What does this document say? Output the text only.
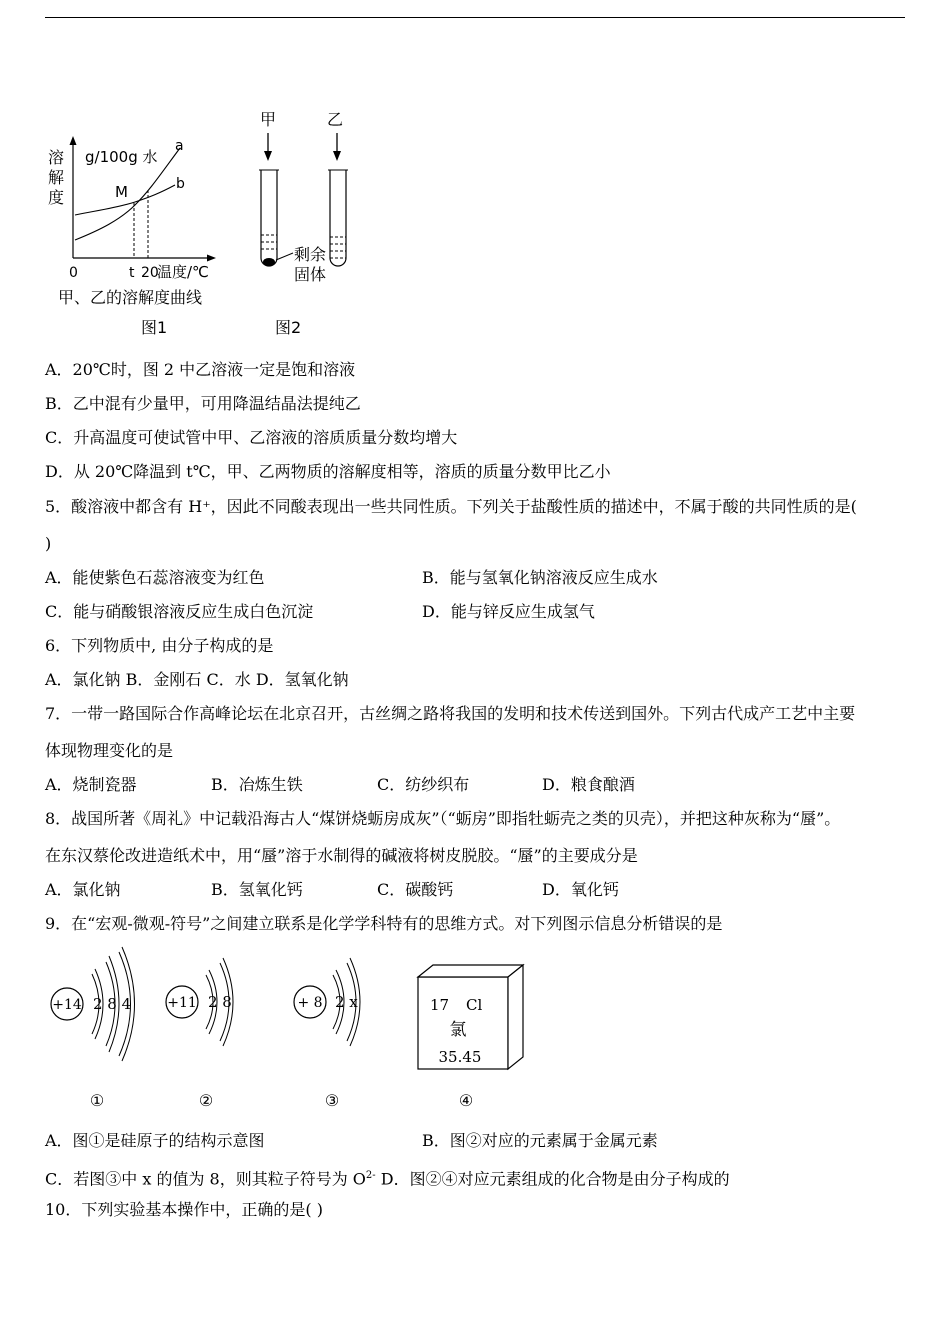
溶
解
度
g/100g 水
a
b
M
0	t 20
温度/℃
甲、乙的溶解度曲线
图1
甲	乙
剩余
固体
图2
A．20℃时，图 2 中乙溶液一定是饱和溶液
B．乙中混有少量甲，可用降温结晶法提纯乙
C．升高温度可使试管中甲、乙溶液的溶质质量分数均增大
D．从 20℃降温到 t℃，甲、乙两物质的溶解度相等，溶质的质量分数甲比乙小
5．酸溶液中都含有 H⁺，因此不同酸表现出一些共同性质。下列关于盐酸性质的描述中，不属于酸的共同性质的是(
)
A．能使紫色石蕊溶液变为红色	B．能与氢氧化钠溶液反应生成水
C．能与硝酸银溶液反应生成白色沉淀	D．能与锌反应生成氢气
6．下列物质中, 由分子构成的是
A．氯化钠 B．金刚石 C．水 D．氢氧化钠
7．一带一路国际合作高峰论坛在北京召开，古丝绸之路将我国的发明和技术传送到国外。下列古代成产工艺中主要
体现物理变化的是
A．烧制瓷器	B．冶炼生铁	C．纺纱织布	D．粮食酿酒
8．战国所著《周礼》中记载沿海古人“煤饼烧蛎房成灰”（“蛎房”即指牡蛎壳之类的贝壳），并把这种灰称为“蜃”。
在东汉蔡伦改进造纸术中，用“蜃”溶于水制得的碱液将树皮脱胶。“蜃”的主要成分是
A．氯化钠	B．氢氧化钙	C．碳酸钙	D．氧化钙
9．在“宏观-微观-符号”之间建立联系是化学学科特有的思维方式。对下列图示信息分析错误的是
+14 2 8 4
①
+11 2 8
②
+ 8 2 x
③
17 Cl
氯
35.45
④
A．图①是硅原子的结构示意图	B．图②对应的元素属于金属元素
C．若图③中 x 的值为 8，则其粒子符号为 $O^{2-}$ D．图②④对应元素组成的化合物是由分子构成的
10．下列实验基本操作中，正确的是( )
